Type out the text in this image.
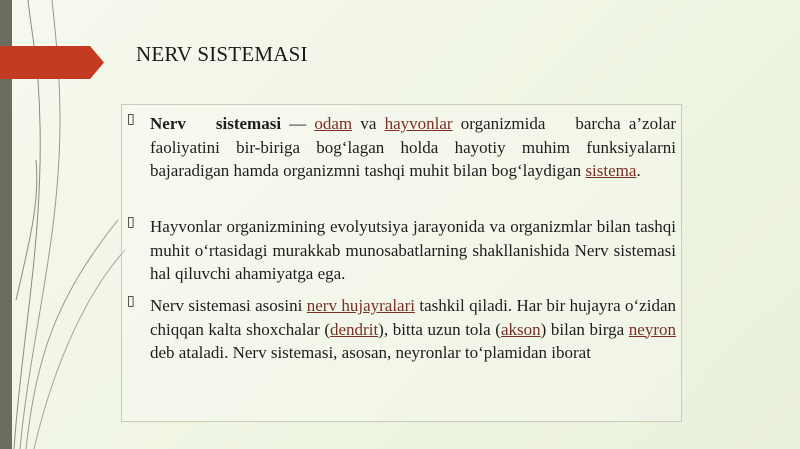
NERV SISTEMASI
▯
▯
▯
Nerv sistemasi — odam va hayvonlar organizmida barcha a’zolar faoliyatini bir-biriga bog‘lagan holda hayotiy muhim funksiyalarni bajaradigan hamda organizmni tashqi muhit bilan bog‘laydigan sistema.
Hayvonlar organizmining evolyutsiya jarayonida va organizmlar bilan tashqi muhit o‘rtasidagi murakkab munosabatlarning shakllanishida Nerv sistemasi hal qiluvchi ahamiyatga ega.
Nerv sistemasi asosini nerv hujayralari tashkil qiladi. Har bir hujayra o‘zidan chiqqan kalta shoxchalar (dendrit), bitta uzun tola (akson) bilan birga neyron deb ataladi. Nerv sistemasi, asosan, neyronlar to‘plamidan iborat
